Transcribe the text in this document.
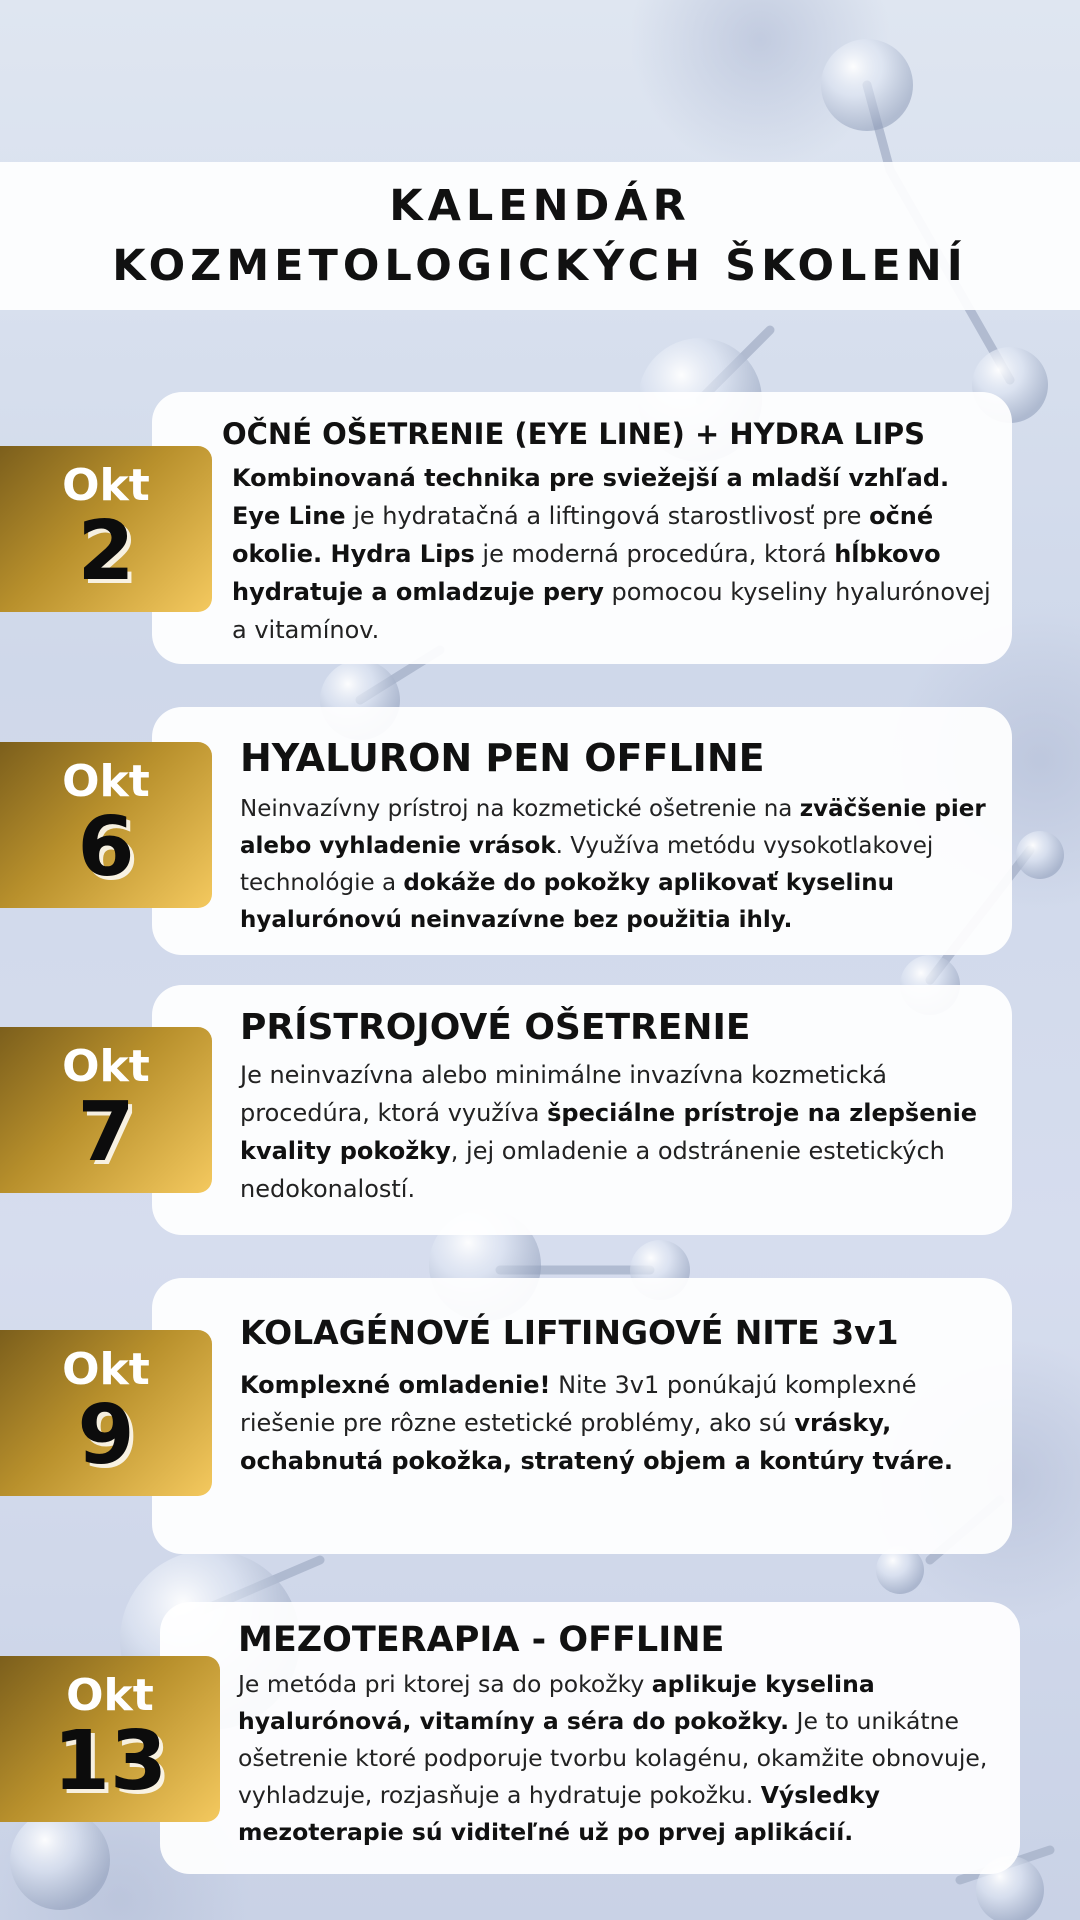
KALENDÁR KOZMETOLOGICKÝCH ŠKOLENÍ
OČNÉ OŠETRENIE (EYE LINE) + HYDRA LIPS

Kombinovaná technika pre sviežejší a mladší vzhľad. Eye Line je hydratačná a liftingová starostlivosť pre očné okolie. Hydra Lips je moderná procedúra, ktorá hĺbkovo hydratuje a omladzuje pery pomocou kyseliny hyalurónovej a vitamínov.

Okt
2
HYALURON PEN OFFLINE

Neinvazívny prístroj na kozmetické ošetrenie na zväčšenie pier alebo vyhladenie vrások. Využíva metódu vysokotlakovej technológie a dokáže do pokožky aplikovať kyselinu hyalurónovú neinvazívne bez použitia ihly.

Okt
6
PRÍSTROJOVÉ OŠETRENIE

Je neinvazívna alebo minimálne invazívna kozmetická procedúra, ktorá využíva špeciálne prístroje na zlepšenie kvality pokožky, jej omladenie a odstránenie estetických nedokonalostí.

Okt
7
KOLAGÉNOVÉ LIFTINGOVÉ NITE 3v1

Komplexné omladenie! Nite 3v1 ponúkajú komplexné riešenie pre rôzne estetické problémy, ako sú vrásky, ochabnutá pokožka, stratený objem a kontúry tváre.

Okt
9
MEZOTERAPIA - OFFLINE

Je metóda pri ktorej sa do pokožky aplikuje kyselina hyalurónová, vitamíny a séra do pokožky. Je to unikátne ošetrenie ktoré podporuje tvorbu kolagénu, okamžite obnovuje, vyhladzuje, rozjasňuje a hydratuje pokožku. Výsledky mezoterapie sú viditeľné už po prvej aplikácií.

Okt
13
